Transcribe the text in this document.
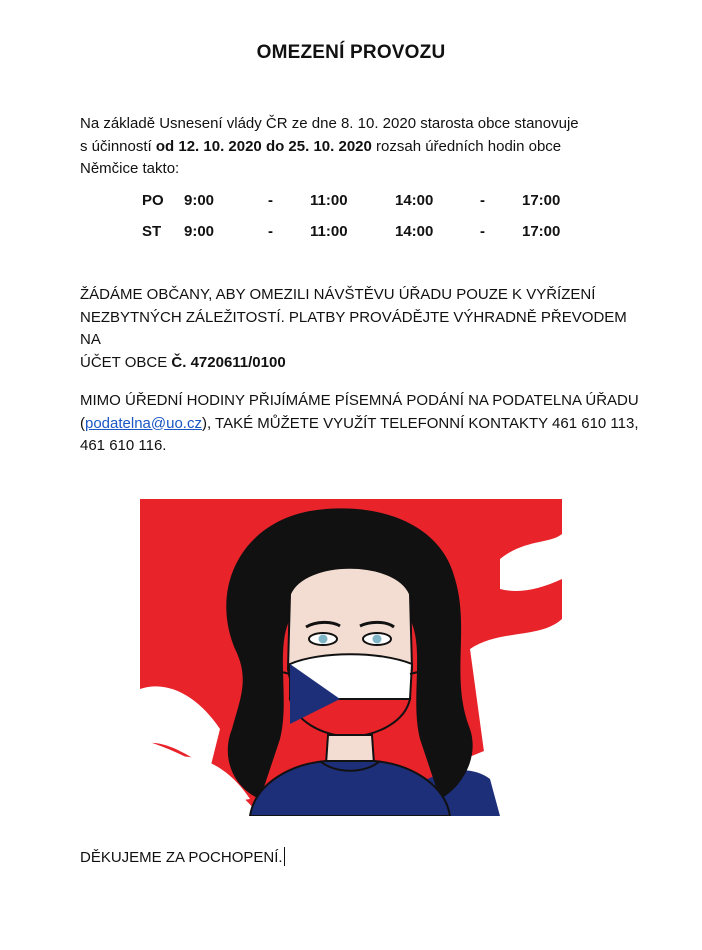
OMEZENÍ PROVOZU
Na základě Usnesení vlády ČR ze dne 8. 10. 2020 starosta obce stanovuje
s účinností od 12. 10. 2020 do 25. 10. 2020 rozsah úředních hodin obce
Němčice takto:
PO 9:00	- 11:00	14:00	- 17:00
ST 9:00	- 11:00	14:00	- 17:00
ŽÁDÁME OBČANY, ABY OMEZILI NÁVŠTĚVU ÚŘADU POUZE K VYŘÍZENÍ
NEZBYTNÝCH ZÁLEŽITOSTÍ. PLATBY PROVÁDĚJTE VÝHRADNĚ PŘEVODEM NA
ÚČET OBCE Č. 4720611/0100
MIMO ÚŘEDNÍ HODINY PŘIJÍMÁME PÍSEMNÁ PODÁNÍ NA PODATELNA ÚŘADU
(podatelna@uo.cz), TAKÉ MŮŽETE VYUŽÍT TELEFONNÍ KONTAKTY 461 610 113,
461 610 116.
DĚKUJEME ZA POCHOPENÍ.
